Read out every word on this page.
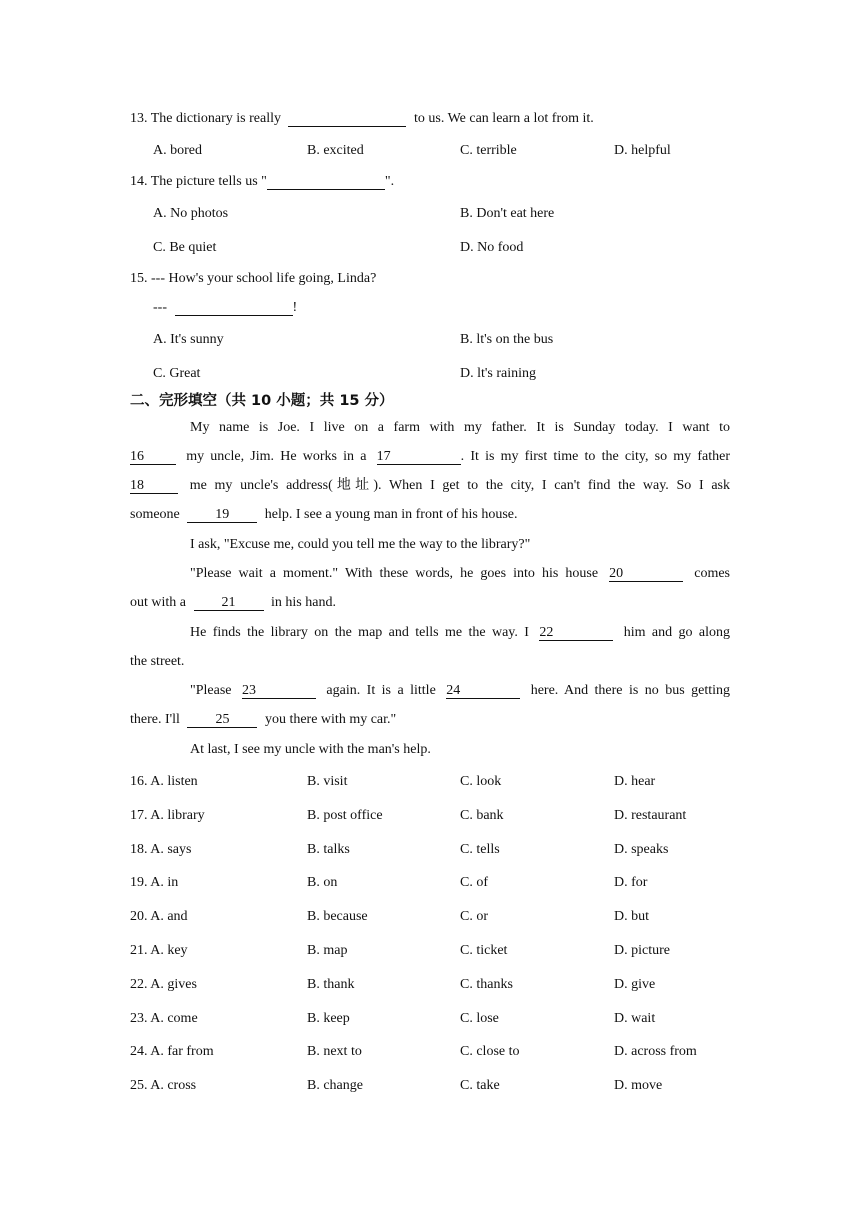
13. The dictionary is really	to us. We can learn a lot from it.
A. bored	B. excited	C. terrible	D. helpful
14. The picture tells us "	".
A. No photos	B. Don't eat here
C. Be quiet	D. No food
15. --- How's your school life going, Linda?
---	!
A. It's sunny	B. lt's on the bus
C. Great	D. lt's raining
二、完形填空（共 10 小题；共 15 分）
My name is Joe. I live on a farm with my father. It is Sunday today. I want to
16	my uncle, Jim. He works in a 17	. It is my first time to the city, so my father
18	me my uncle's address(地址). When I get to the city, I can't find the way. So I ask
someone	19	help. I see a young man in front of his house.
I ask, "Excuse me, could you tell me the way to the library?"
"Please wait a moment." With these words, he goes into his house 20	comes
out with a	21	in his hand.
He finds the library on the map and tells me the way. I 22	him and go along
the street.
"Please 23	again. It is a little 24	here. And there is no bus getting
there. I'll	25	you there with my car."
At last, I see my uncle with the man's help.
16. A. listen	B. visit	C. look	D. hear
17. A. library	B. post office	C. bank	D. restaurant
18. A. says	B. talks	C. tells	D. speaks
19. A. in	B. on	C. of	D. for
20. A. and	B. because	C. or	D. but
21. A. key	B. map	C. ticket	D. picture
22. A. gives	B. thank	C. thanks	D. give
23. A. come	B. keep	C. lose	D. wait
24. A. far from	B. next to	C. close to	D. across from
25. A. cross	B. change	C. take	D. move
